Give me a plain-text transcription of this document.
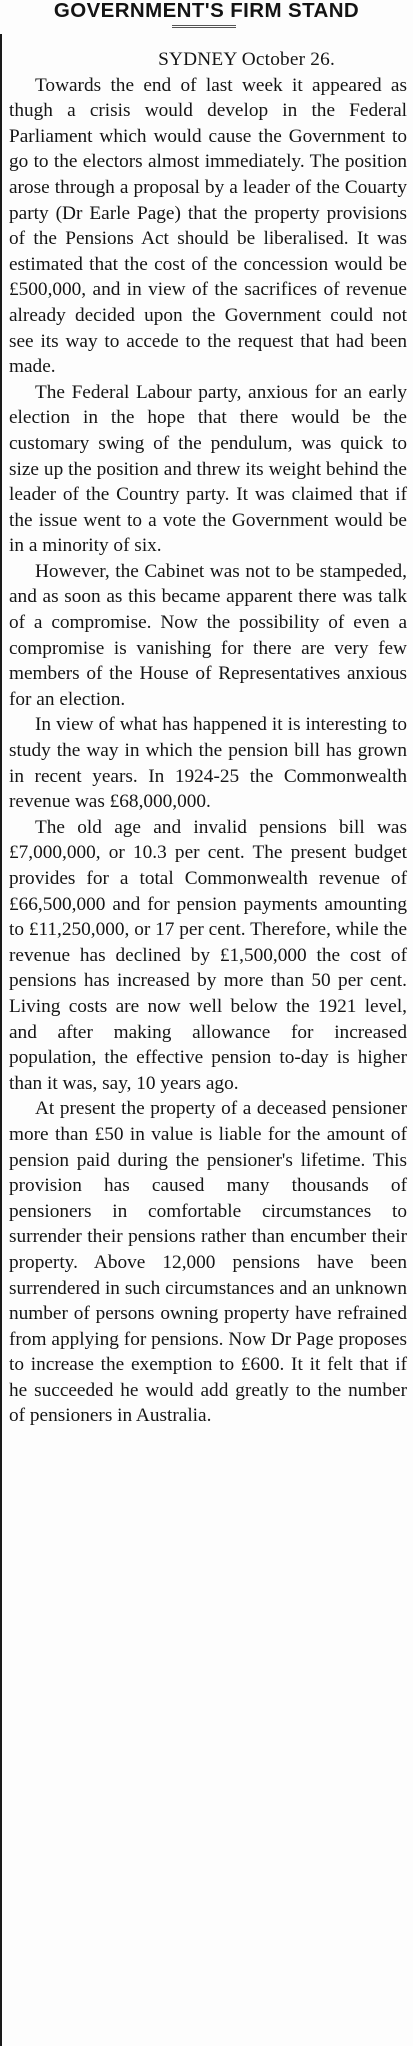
GOVERNMENT'S FIRM STAND
SYDNEY October 26.

Towards the end of last week it appeared as thugh a crisis would develop in the Federal Parliament which would cause the Government to go to the electors almost immediately. The position arose through a proposal by a leader of the Couarty party (Dr Earle Page) that the property provisions of the Pensions Act should be liberalised. It was estimated that the cost of the concession would be £500,000, and in view of the sacrifices of revenue already decided upon the Government could not see its way to accede to the request that had been made.

The Federal Labour party, anxious for an early election in the hope that there would be the customary swing of the pendulum, was quick to size up the position and threw its weight behind the leader of the Country party. It was claimed that if the issue went to a vote the Government would be in a minority of six.

However, the Cabinet was not to be stampeded, and as soon as this became apparent there was talk of a compromise. Now the possibility of even a compromise is vanishing for there are very few members of the House of Representatives anxious for an election.

In view of what has happened it is interesting to study the way in which the pension bill has grown in recent years. In 1924-25 the Commonwealth revenue was £68,000,000.

The old age and invalid pensions bill was £7,000,000, or 10.3 per cent. The present budget provides for a total Commonwealth revenue of £66,500,000 and for pension payments amounting to £11,250,000, or 17 per cent. Therefore, while the revenue has declined by £1,500,000 the cost of pensions has increased by more than 50 per cent. Living costs are now well below the 1921 level, and after making allowance for increased population, the effective pension to-day is higher than it was, say, 10 years ago.

At present the property of a deceased pensioner more than £50 in value is liable for the amount of pension paid during the pensioner's lifetime. This provision has caused many thousands of pensioners in comfortable circumstances to surrender their pensions rather than encumber their property. Above 12,000 pensions have been surrendered in such circumstances and an unknown number of persons owning property have refrained from applying for pensions. Now Dr Page proposes to increase the exemption to £600. It it felt that if he succeeded he would add greatly to the number of pensioners in Australia.
